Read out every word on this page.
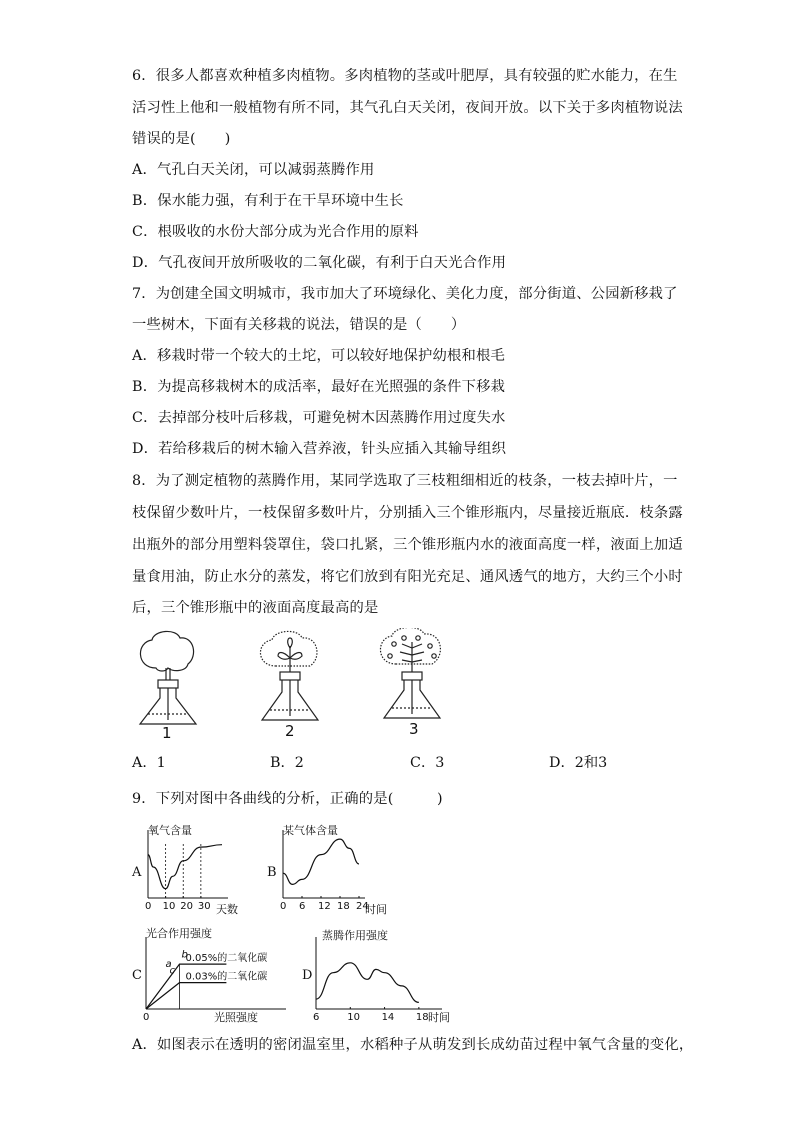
6．很多人都喜欢种植多肉植物。多肉植物的茎或叶肥厚，具有较强的贮水能力，在生
活习性上他和一般植物有所不同，其气孔白天关闭，夜间开放。以下关于多肉植物说法
错误的是(　　)
A．气孔白天关闭，可以减弱蒸腾作用
B．保水能力强，有利于在干旱环境中生长
C．根吸收的水份大部分成为光合作用的原料
D．气孔夜间开放所吸收的二氧化碳，有利于白天光合作用
7．为创建全国文明城市，我市加大了环境绿化、美化力度，部分街道、公园新移栽了
一些树木，下面有关移栽的说法，错误的是（　　）
A．移栽时带一个较大的土坨，可以较好地保护幼根和根毛
B．为提高移栽树木的成活率，最好在光照强的条件下移栽
C．去掉部分枝叶后移栽，可避免树木因蒸腾作用过度失水
D．若给移栽后的树木输入营养液，针头应插入其输导组织
8．为了测定植物的蒸腾作用，某同学选取了三枝粗细相近的枝条，一枝去掉叶片，一
枝保留少数叶片，一枝保留多数叶片，分别插入三个锥形瓶内，尽量接近瓶底．枝条露
出瓶外的部分用塑料袋罩住，袋口扎紧，三个锥形瓶内水的液面高度一样，液面上加适
量食用油，防止水分的蒸发，将它们放到有阳光充足、通风透气的地方，大约三个小时
后，三个锥形瓶中的液面高度最高的是
1	2	3
A．1	B．2	C．3	D．2和3
9．下列对图中各曲线的分析，正确的是(　　　)
A
氧气含量
天数
0 10 20 30
B
某气体含量
时间
0 6 12 18 24
C
光合作用强度
光照强度
0
0.05%的二氧化碳
0.03%的二氧化碳
a
b
c	D
蒸腾作用强度
时间
6	10 14 18
A．如图表示在透明的密闭温室里，水稻种子从萌发到长成幼苗过程中氧气含量的变化，
